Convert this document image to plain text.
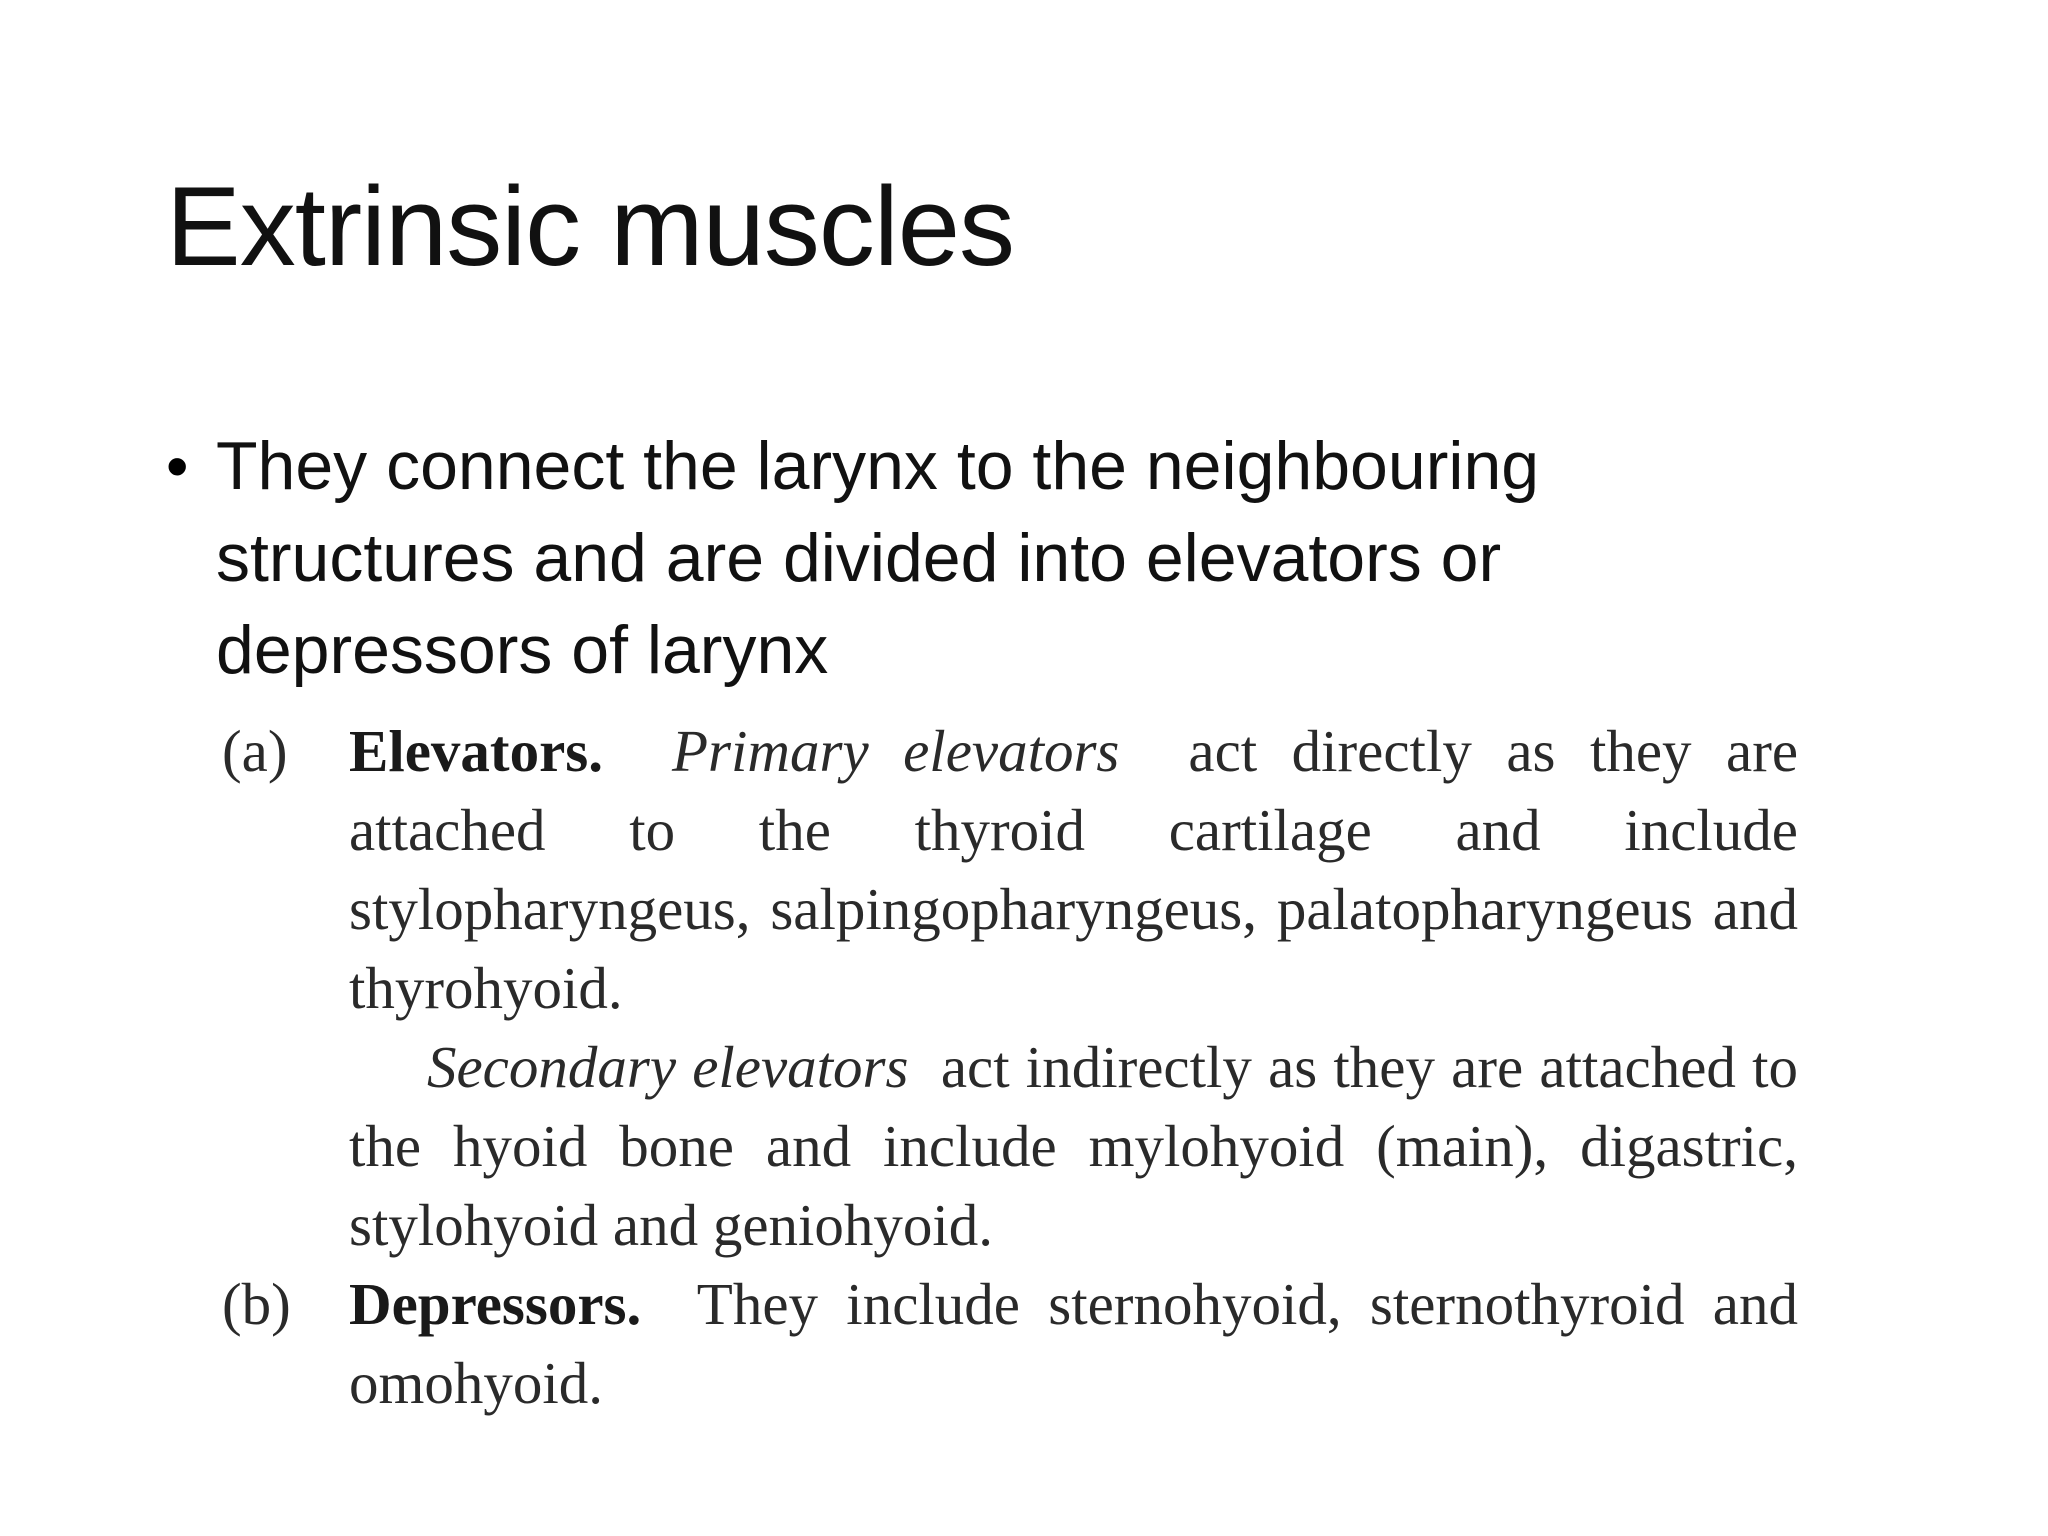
Extrinsic muscles
• They connect the larynx to the neighbouring structures and are divided into elevators or depressors of larynx
(a) Elevators. Primary elevators act directly as they are attached to the thyroid cartilage and include stylopharyngeus, salpingopharyngeus, palatopharyngeus and thyrohyoid.
Secondary elevators act indirectly as they are attached to the hyoid bone and include mylohyoid (main), digastric, stylohyoid and geniohyoid.
(b) Depressors. They include sternohyoid, sternothyroid and omohyoid.
